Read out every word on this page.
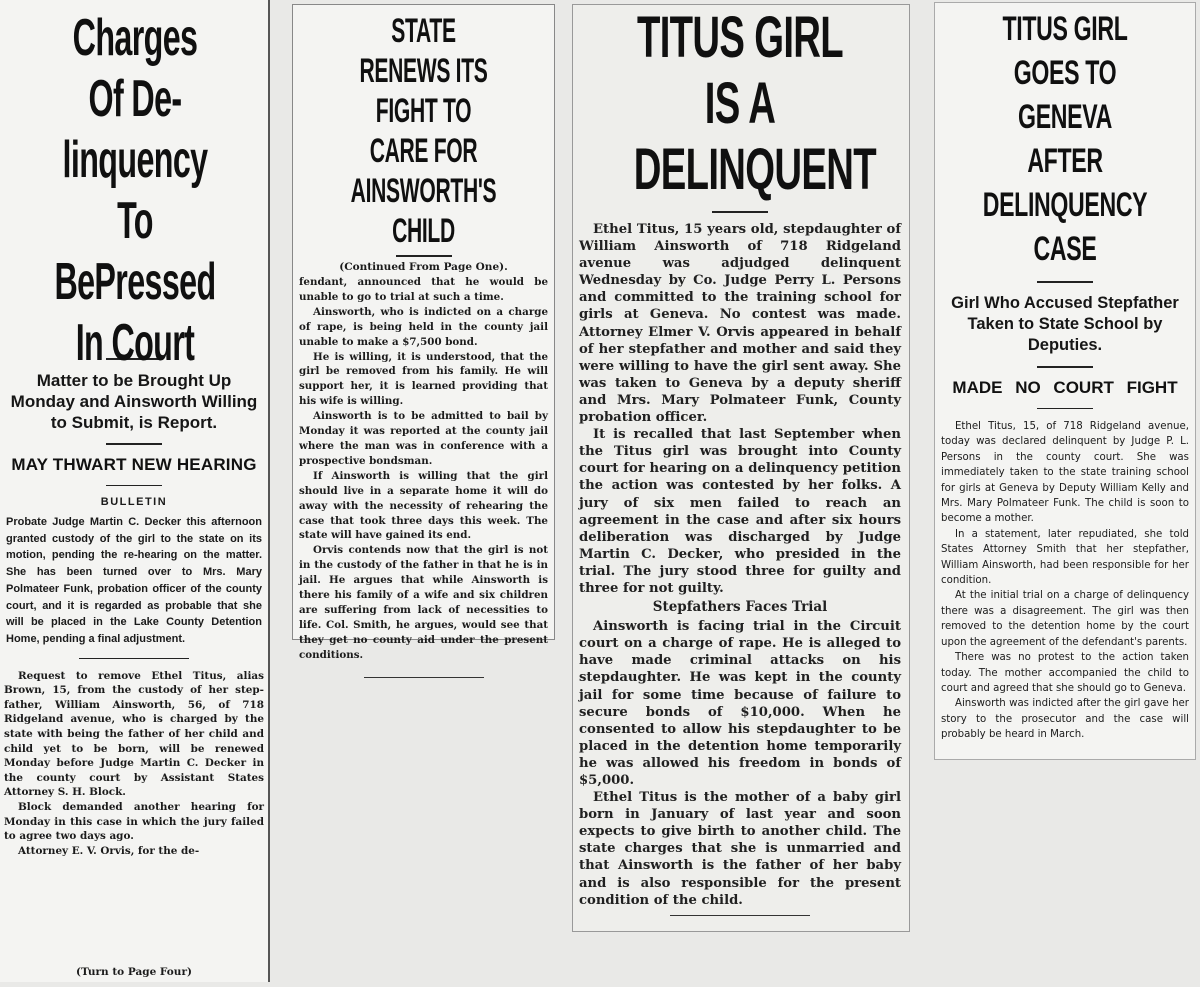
Charges Of De-linquency To BePressed In Court

Matter to be Brought Up Monday and Ainsworth Willing to Submit, is Report.

MAY THWART NEW HEARING

BULLETIN

Probate Judge Martin C. Decker this afternoon granted custody of the girl to the state on its motion, pending the re-hearing on the matter. She has been turned over to Mrs. Mary Polmateer Funk, probation officer of the county court, and it is regarded as probable that she will be placed in the Lake County Detention Home, pending a final adjustment.

Request to remove Ethel Titus, alias Brown, 15, from the custody of her step-father, William Ainsworth, 56, of 718 Ridgeland avenue, who is charged by the state with being the father of her child and child yet to be born, will be renewed Monday before Judge Martin C. Decker in the county court by Assistant States Attorney S. H. Block.

Block demanded another hearing for Monday in this case in which the jury failed to agree two days ago.

Attorney E. V. Orvis, for the de-

(Turn to Page Four)
STATE RENEWS ITS FIGHT TO CARE FOR AINSWORTH'S CHILD
(Continued From Page One).

fendant, announced that he would be unable to go to trial at such a time.

Ainsworth, who is indicted on a charge of rape, is being held in the county jail unable to make a $7,500 bond.

He is willing, it is understood, that the girl be removed from his family. He will support her, it is learned providing that his wife is willing.

Ainsworth is to be admitted to bail by Monday it was reported at the county jail where the man was in conference with a prospective bondsman.

If Ainsworth is willing that the girl should live in a separate home it will do away with the necessity of rehearing the case that took three days this week. The state will have gained its end.

Orvis contends now that the girl is not in the custody of the father in that he is in jail. He argues that while Ainsworth is there his family of a wife and six children are suffering from lack of necessities to life. Col. Smith, he argues, would see that they get no county aid under the present conditions.

TITUS GIRL IS A DELINQUENT

Ethel Titus, 15 years old, stepdaughter of William Ainsworth of 718 Ridgeland avenue was adjudged delinquent Wednesday by Co. Judge Perry L. Persons and committed to the training school for girls at Geneva. No contest was made. Attorney Elmer V. Orvis appeared in behalf of her stepfather and mother and said they were willing to have the girl sent away. She was taken to Geneva by a deputy sheriff and Mrs. Mary Polmateer Funk, County probation officer.

It is recalled that last September when the Titus girl was brought into County court for hearing on a delinquency petition the action was contested by her folks. A jury of six men failed to reach an agreement in the case and after six hours deliberation was discharged by Judge Martin C. Decker, who presided in the trial. The jury stood three for guilty and three for not guilty.

Stepfathers Faces Trial

Ainsworth is facing trial in the Circuit court on a charge of rape. He is alleged to have made criminal attacks on his stepdaughter. He was kept in the county jail for some time because of failure to secure bonds of $10,000. When he consented to allow his stepdaughter to be placed in the detention home temporarily he was allowed his freedom in bonds of $5,000.

Ethel Titus is the mother of a baby girl born in January of last year and soon expects to give birth to another child. The state charges that she is unmarried and that Ainsworth is the father of her baby and is also responsible for the present condition of the child.

TITUS GIRL GOES TO GENEVA AFTER DELINQUENCY CASE

Girl Who Accused Stepfather Taken to State School by Deputies.

MADE NO COURT FIGHT

Ethel Titus, 15, of 718 Ridgeland avenue, today was declared delinquent by Judge P. L. Persons in the county court. She was immediately taken to the state training school for girls at Geneva by Deputy William Kelly and Mrs. Mary Polmateer Funk. The child is soon to become a mother.

In a statement, later repudiated, she told States Attorney Smith that her stepfather, William Ainsworth, had been responsible for her condition.

At the initial trial on a charge of delinquency there was a disagreement. The girl was then removed to the detention home by the court upon the agreement of the defendant's parents.

There was no protest to the action taken today. The mother accompanied the child to court and agreed that she should go to Geneva.

Ainsworth was indicted after the girl gave her story to the prosecutor and the case will probably be heard in March.
